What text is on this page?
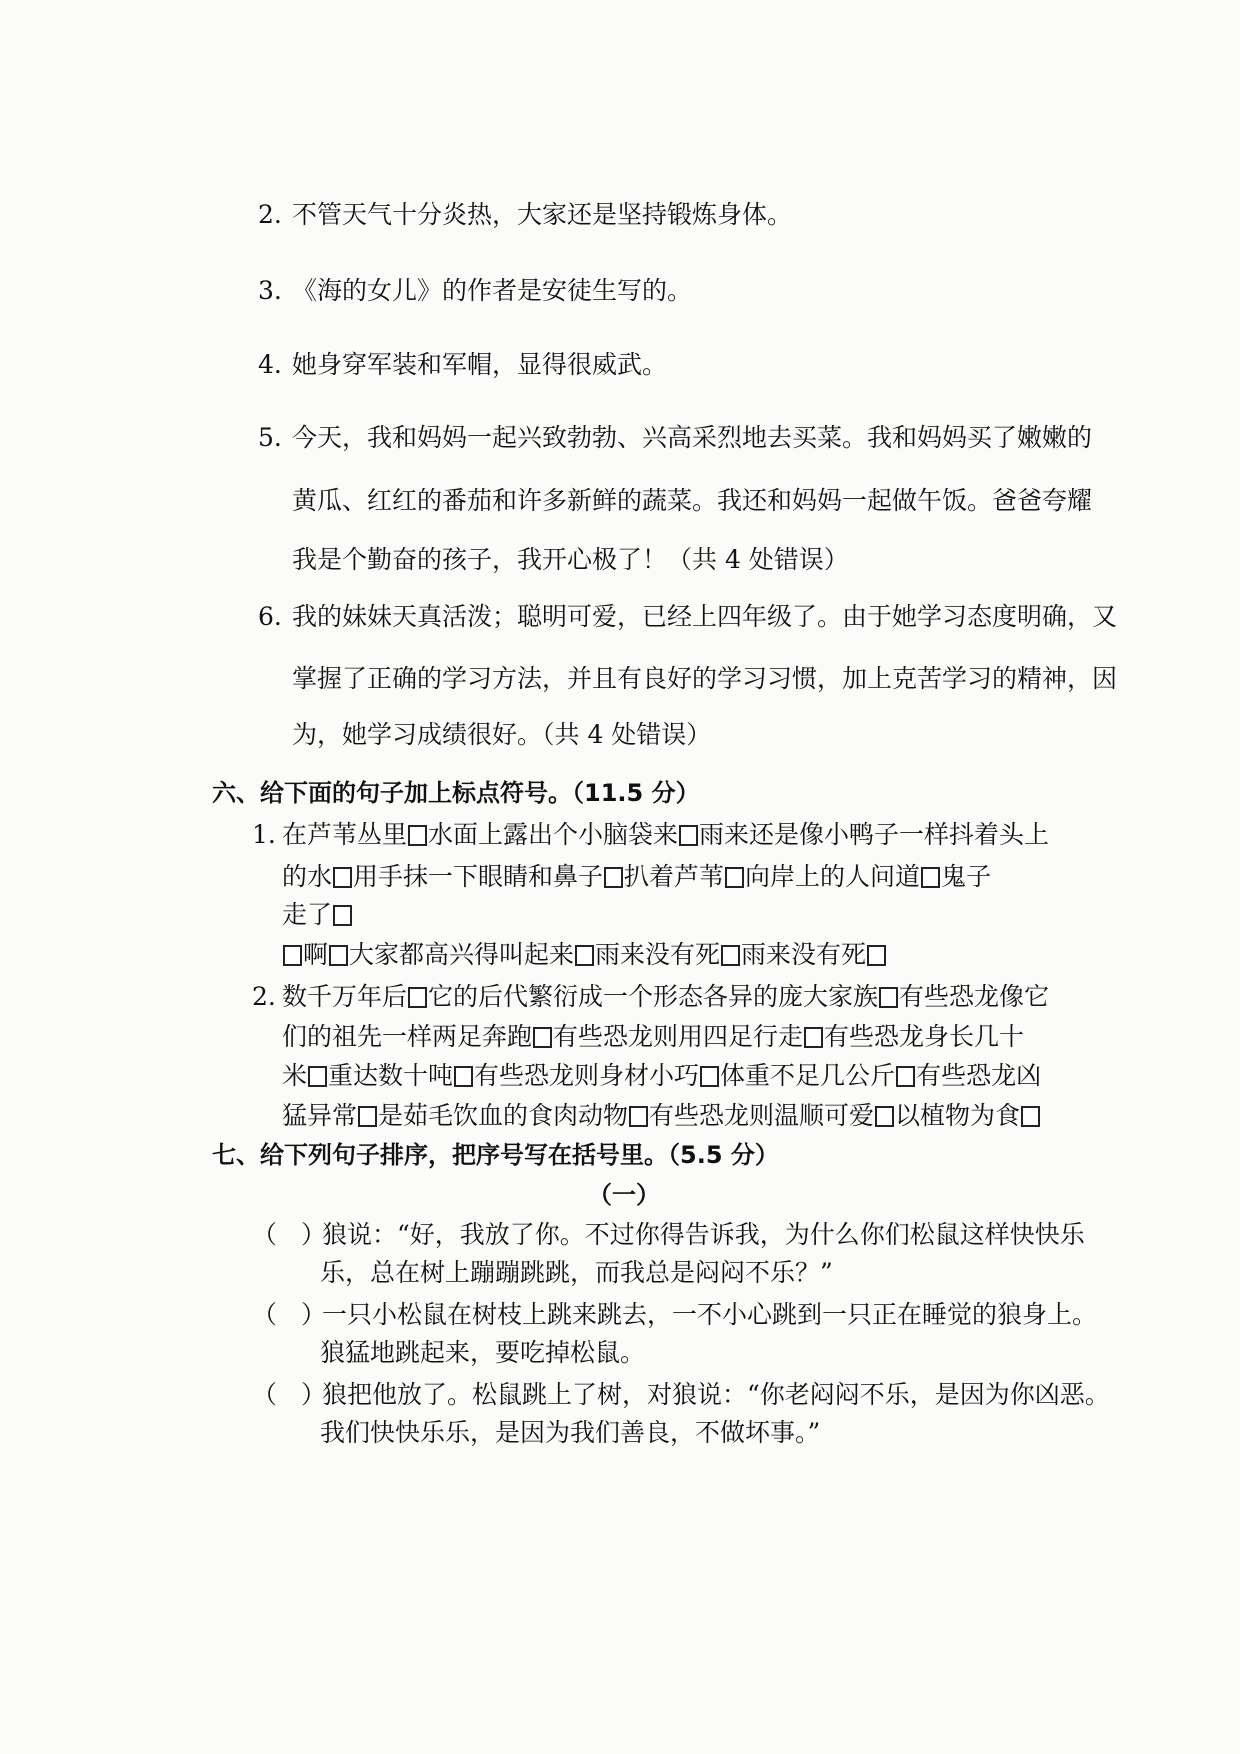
2. 不管天气十分炎热，大家还是坚持锻炼身体。
3. 《海的女儿》的作者是安徒生写的。
4. 她身穿军装和军帽，显得很威武。
5. 今天，我和妈妈一起兴致勃勃、兴高采烈地去买菜。我和妈妈买了嫩嫩的
黄瓜、红红的番茄和许多新鲜的蔬菜。我还和妈妈一起做午饭。爸爸夸耀
我是个勤奋的孩子，我开心极了！（共 4 处错误）
6. 我的妹妹天真活泼；聪明可爱，已经上四年级了。由于她学习态度明确，又
掌握了正确的学习方法，并且有良好的学习习惯，加上克苦学习的精神，因
为，她学习成绩很好。（共 4 处错误）
六、给下面的句子加上标点符号。（11.5 分）
1. 在芦苇丛里 水面上露出个小脑袋来 雨来还是像小鸭子一样抖着头上
的水 用手抹一下眼睛和鼻子 扒着芦苇 向岸上的人问道 鬼子
走了
啊 大家都高兴得叫起来 雨来没有死 雨来没有死
2. 数千万年后 它的后代繁衍成一个形态各异的庞大家族 有些恐龙像它
们的祖先一样两足奔跑 有些恐龙则用四足行走 有些恐龙身长几十
米 重达数十吨 有些恐龙则身材小巧 体重不足几公斤 有些恐龙凶
猛异常 是茹毛饮血的食肉动物 有些恐龙则温顺可爱 以植物为食
七、给下列句子排序，把序号写在括号里。（5.5 分）
（一）
（ ）狼说：“好，我放了你。不过你得告诉我，为什么你们松鼠这样快快乐
乐，总在树上蹦蹦跳跳，而我总是闷闷不乐？”
（ ）一只小松鼠在树枝上跳来跳去，一不小心跳到一只正在睡觉的狼身上。
狼猛地跳起来，要吃掉松鼠。
（ ）狼把他放了。松鼠跳上了树，对狼说：“你老闷闷不乐，是因为你凶恶。
我们快快乐乐，是因为我们善良，不做坏事。”
